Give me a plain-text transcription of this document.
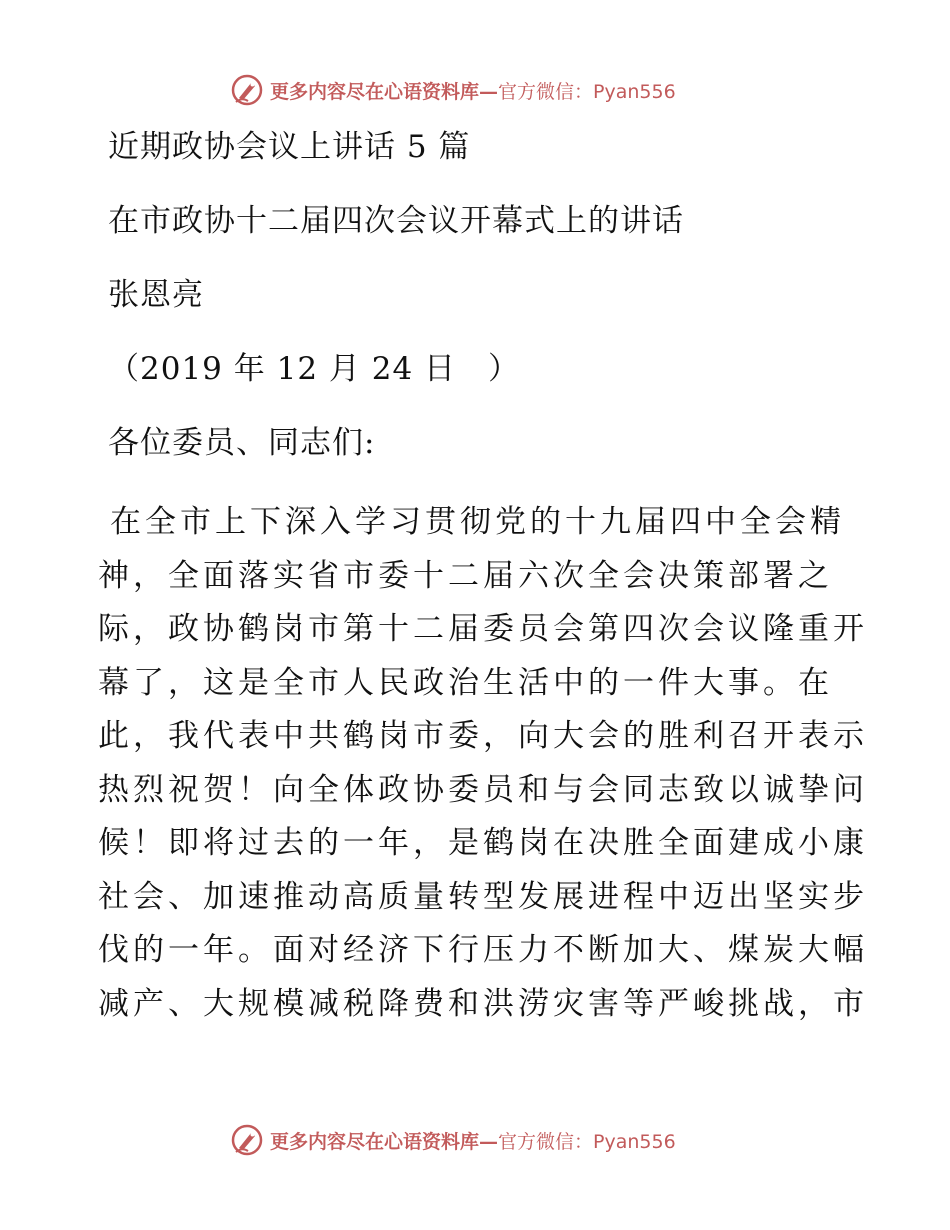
更多内容尽在心语资料库— 官方微信：Pyan556
近期政协会议上讲话 5 篇
在市政协十二届四次会议开幕式上的讲话
张恩亮
（2019 年 12 月 24 日　）
各位委员、同志们:
在全市上下深入学习贯彻党的十九届四中全会精
神，全面落实省市委十二届六次全会决策部署之
际，政协鹤岗市第十二届委员会第四次会议隆重开
幕了，这是全市人民政治生活中的一件大事。在
此，我代表中共鹤岗市委，向大会的胜利召开表示
热烈祝贺！向全体政协委员和与会同志致以诚挚问
候！即将过去的一年，是鹤岗在决胜全面建成小康
社会、加速推动高质量转型发展进程中迈出坚实步
伐的一年。面对经济下行压力不断加大、煤炭大幅
减产、大规模减税降费和洪涝灾害等严峻挑战，市
更多内容尽在心语资料库— 官方微信：Pyan556
